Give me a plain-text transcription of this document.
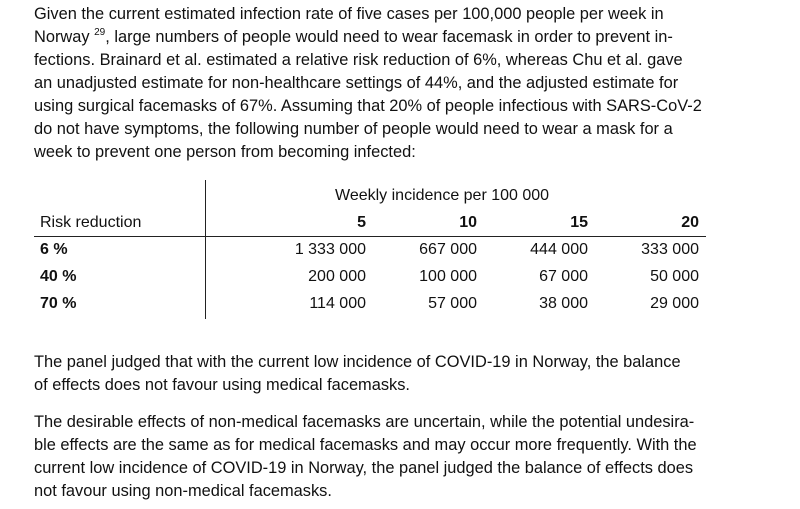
Given the current estimated infection rate of five cases per 100,000 people per week in
Norway $^{29}$, large numbers of people would need to wear facemask in order to prevent in-
fections. Brainard et al. estimated a relative risk reduction of 6%, whereas Chu et al. gave
an unadjusted estimate for non-healthcare settings of 44%, and the adjusted estimate for
using surgical facemasks of 67%. Assuming that 20% of people infectious with SARS-CoV-2
do not have symptoms, the following number of people would need to wear a mask for a
week to prevent one person from becoming infected:

Weekly incidence per 100 000
Risk reduction	5	10	15	20
6 %	1 333 000	667 000	444 000	333 000
40 %	200 000	100 000	67 000	50 000
70 %	114 000	57 000	38 000	29 000

The panel judged that with the current low incidence of COVID-19 in Norway, the balance
of effects does not favour using medical facemasks.

The desirable effects of non-medical facemasks are uncertain, while the potential undesira-
ble effects are the same as for medical facemasks and may occur more frequently. With the
current low incidence of COVID-19 in Norway, the panel judged the balance of effects does
not favour using non-medical facemasks.
